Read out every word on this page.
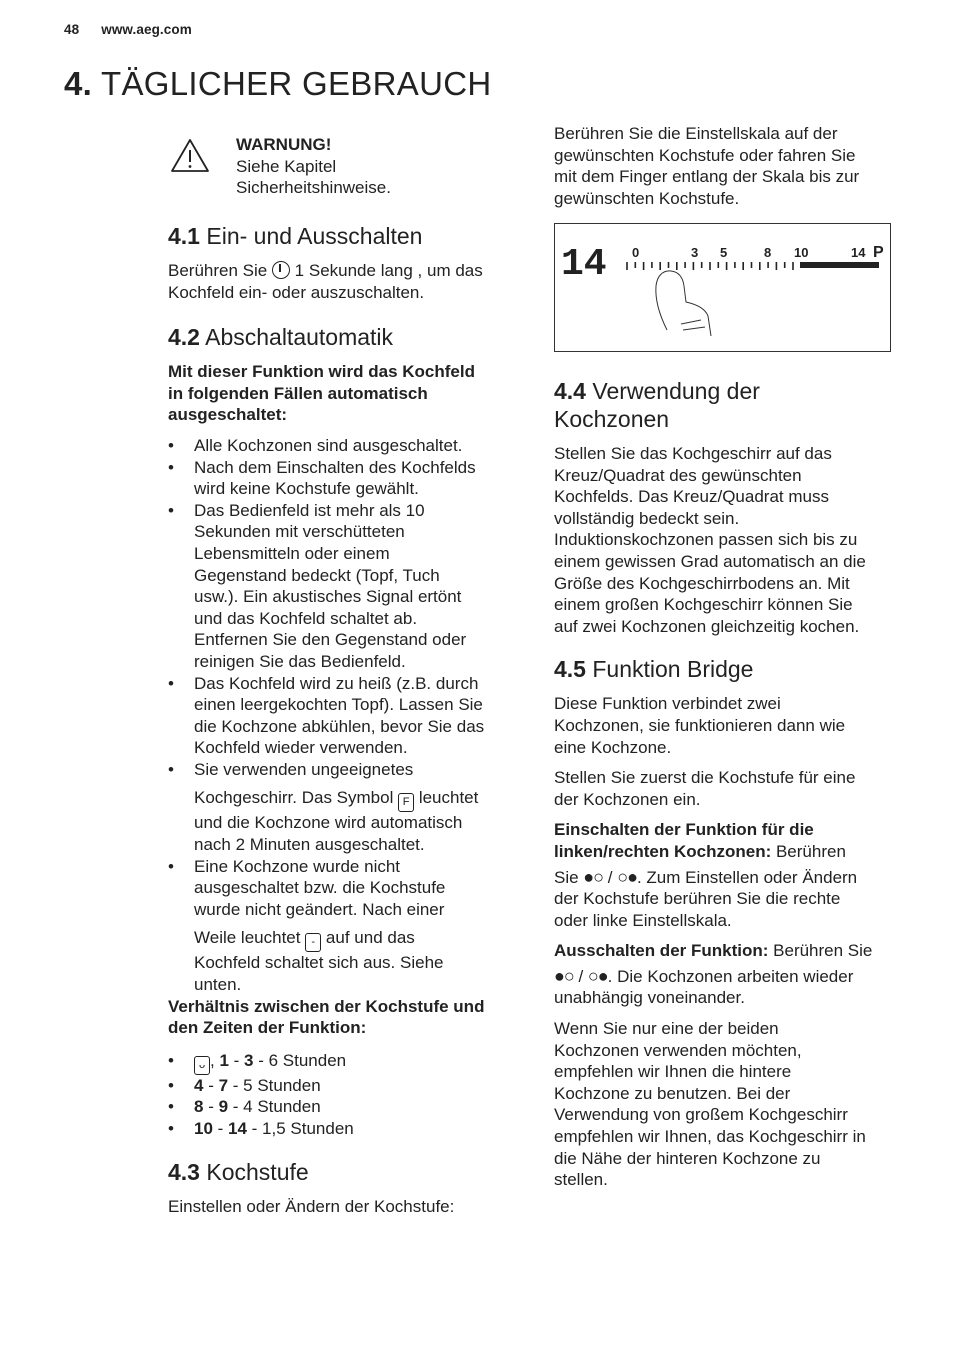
48 www.aeg.com
4. TÄGLICHER GEBRAUCH

WARNUNG!

Siehe Kapitel

Sicherheitshinweise.

4.1 Ein- und Ausschalten

Berühren Sie  1 Sekunde lang , um das

Kochfeld ein- oder auszuschalten.

4.2 Abschaltautomatik

Mit dieser Funktion wird das Kochfeld
in folgenden Fällen automatisch
ausgeschaltet:

• Alle Kochzonen sind ausgeschaltet.
• Nach dem Einschalten des Kochfelds
wird keine Kochstufe gewählt.
• Das Bedienfeld ist mehr als 10
Sekunden mit verschütteten
Lebensmitteln oder einem
Gegenstand bedeckt (Topf, Tuch
usw.). Ein akustisches Signal ertönt
und das Kochfeld schaltet ab.
Entfernen Sie den Gegenstand oder
reinigen Sie das Bedienfeld.
• Das Kochfeld wird zu heiß (z.B. durch
einen leergekochten Topf). Lassen Sie
die Kochzone abkühlen, bevor Sie das
Kochfeld wieder verwenden.
• Sie verwenden ungeeignetes
Kochgeschirr. Das Symbol F leuchtet
und die Kochzone wird automatisch
nach 2 Minuten ausgeschaltet.
• Eine Kochzone wurde nicht
ausgeschaltet bzw. die Kochstufe
wurde nicht geändert. Nach einer
Weile leuchtet - auf und das
Kochfeld schaltet sich aus. Siehe
unten.

Verhältnis zwischen der Kochstufe und
den Zeiten der Funktion:

• ᴗ , 1 - 3 - 6 Stunden
• 4 - 7 - 5 Stunden
• 8 - 9 - 4 Stunden
• 10 - 14 - 1,5 Stunden
4.3 Kochstufe

Einstellen oder Ändern der Kochstufe:

Berühren Sie die Einstellskala auf der
gewünschten Kochstufe oder fahren Sie
mit dem Finger entlang der Skala bis zur
gewünschten Kochstufe.

14 0	3 5	8 10	14 P
4.4 Verwendung der
Kochzonen

Stellen Sie das Kochgeschirr auf das
Kreuz/Quadrat des gewünschten
Kochfelds. Das Kreuz/Quadrat muss
vollständig bedeckt sein.
Induktionskochzonen passen sich bis zu
einem gewissen Grad automatisch an die
Größe des Kochgeschirrbodens an. Mit
einem großen Kochgeschirr können Sie
auf zwei Kochzonen gleichzeitig kochen.

4.5 Funktion Bridge

Diese Funktion verbindet zwei
Kochzonen, sie funktionieren dann wie
eine Kochzone.

Stellen Sie zuerst die Kochstufe für eine
der Kochzonen ein.

Einschalten der Funktion für die
linken/rechten Kochzonen: Berühren
Sie ●○ / ○●. Zum Einstellen oder Ändern
der Kochstufe berühren Sie die rechte
oder linke Einstellskala.

Ausschalten der Funktion: Berühren Sie
●○ / ○●. Die Kochzonen arbeiten wieder
unabhängig voneinander.

Wenn Sie nur eine der beiden
Kochzonen verwenden möchten,
empfehlen wir Ihnen die hintere
Kochzone zu benutzen. Bei der
Verwendung von großem Kochgeschirr
empfehlen wir Ihnen, das Kochgeschirr in
die Nähe der hinteren Kochzone zu
stellen.
